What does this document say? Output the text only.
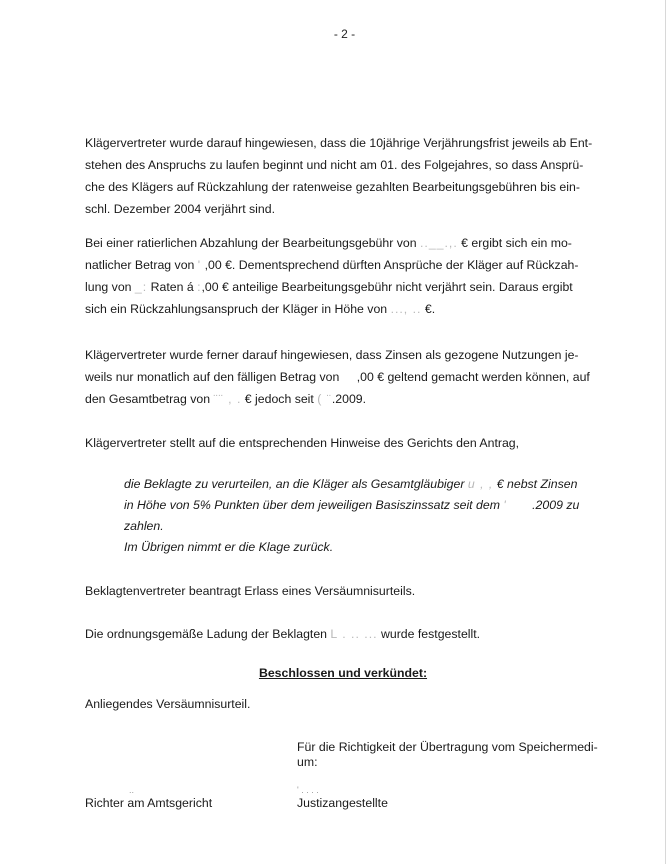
- 2 -
Klägervertreter wurde darauf hingewiesen, dass die 10jährige Verjährungsfrist jeweils ab Ent-
stehen des Anspruchs zu laufen beginnt und nicht am 01. des Folgejahres, so dass Ansprü-
che des Klägers auf Rückzahlung der ratenweise gezahlten Bearbeitungsgebühren bis ein-
schl. Dezember 2004 verjährt sind.
Bei einer ratierlichen Abzahlung der Bearbeitungsgebühr von ..__.,. € ergibt sich ein mo-
natlicher Betrag von ' ,00 €. Dementsprechend dürften Ansprüche der Kläger auf Rückzah-
lung von _: Raten á :,00 € anteilige Bearbeitungsgebühr nicht verjährt sein. Daraus ergibt
sich ein Rückzahlungsanspruch der Kläger in Höhe von ..., .. €.
Klägervertreter wurde ferner darauf hingewiesen, dass Zinsen als gezogene Nutzungen je-
weils nur monatlich auf den fälligen Betrag von ,00 € geltend gemacht werden können, auf
den Gesamtbetrag von ¨¨ , . € jedoch seit ( ¨.2009.
Klägervertreter stellt auf die entsprechenden Hinweise des Gerichts den Antrag,
die Beklagte zu verurteilen, an die Kläger als Gesamtgläubiger u , , € nebst Zinsen
in Höhe von 5% Punkten über dem jeweiligen Basiszinssatz seit dem ' .2009 zu
zahlen.
Im Übrigen nimmt er die Klage zurück.
Beklagtenvertreter beantragt Erlass eines Versäumnisurteils.
Die ordnungsgemäße Ladung der Beklagten L . .. ... wurde festgestellt.
Beschlossen und verkündet:
Anliegendes Versäumnisurteil.
Für die Richtigkeit der Übertragung vom Speichermedi-
um:
..
Richter am Amtsgericht
' . . . .
Justizangestellte
